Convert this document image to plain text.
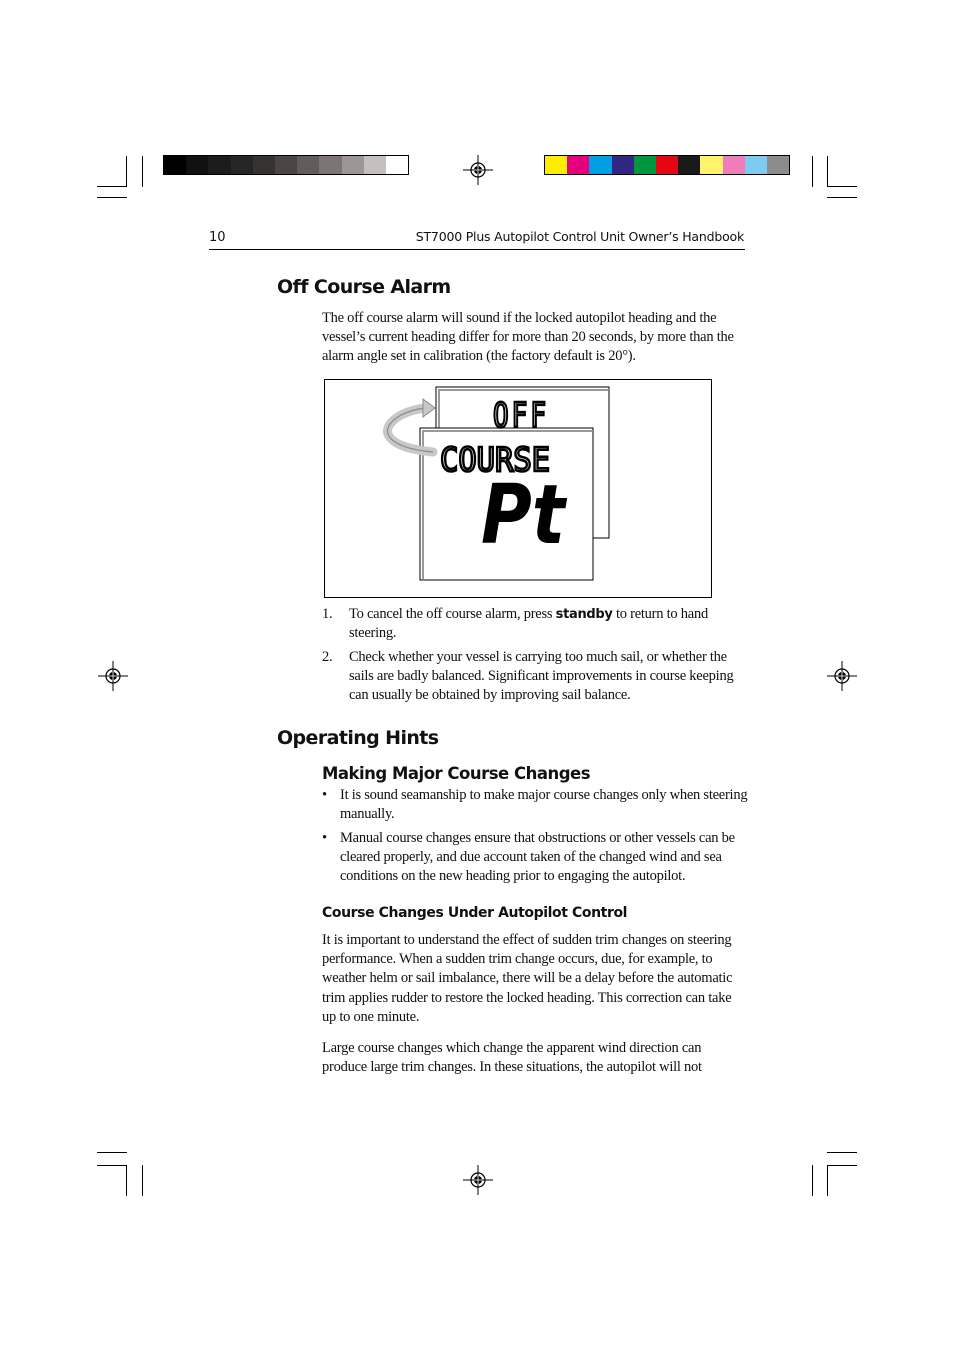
10	ST7000 Plus Autopilot Control Unit Owner’s Handbook
Off Course Alarm

The off course alarm will sound if the locked autopilot heading and the vessel’s current heading differ for more than 20 seconds, by more than the alarm angle set in calibration (the factory default is 20°).

OFF
COURSE
Pt
1. To cancel the off course alarm, press standby to return to hand steering.
2. Check whether your vessel is carrying too much sail, or whether the sails are badly balanced. Significant improvements in course keeping can usually be obtained by improving sail balance.
Operating Hints
Making Major Course Changes
• It is sound seamanship to make major course changes only when steering manually.
• Manual course changes ensure that obstructions or other vessels can be cleared properly, and due account taken of the changed wind and sea conditions on the new heading prior to engaging the autopilot.
Course Changes Under Autopilot Control

It is important to understand the effect of sudden trim changes on steering performance. When a sudden trim change occurs, due, for example, to weather helm or sail imbalance, there will be a delay before the automatic trim applies rudder to restore the locked heading. This correction can take up to one minute.

Large course changes which change the apparent wind direction can produce large trim changes. In these situations, the autopilot will not
